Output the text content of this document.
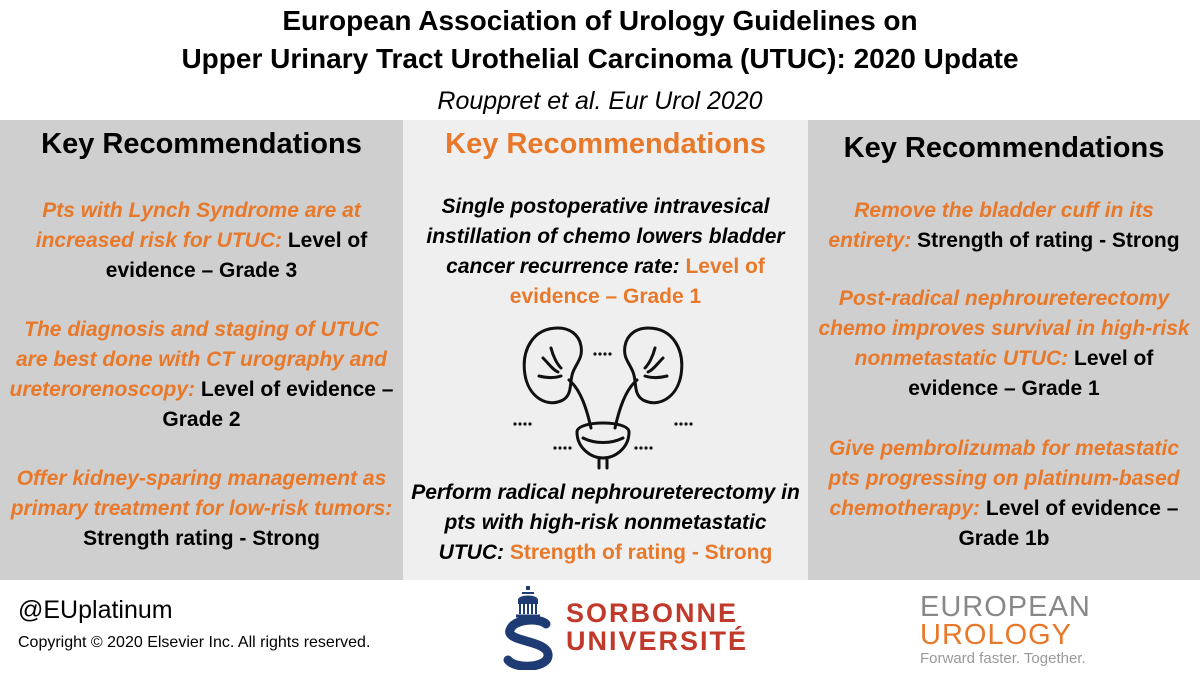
European Association of Urology Guidelines on
Upper Urinary Tract Urothelial Carcinoma (UTUC): 2020 Update
Rouppret et al. Eur Urol 2020
Key Recommendations
Pts with Lynch Syndrome are at increased risk for UTUC: Level of evidence – Grade 3
The diagnosis and staging of UTUC are best done with CT urography and ureterorenoscopy: Level of evidence – Grade 2
Offer kidney-sparing management as primary treatment for low-risk tumors: Strength rating - Strong
Key Recommendations
Single postoperative intravesical instillation of chemo lowers bladder cancer recurrence rate: Level of evidence – Grade 1
Perform radical nephroureterectomy in pts with high-risk nonmetastatic UTUC: Strength of rating - Strong
Key Recommendations
Remove the bladder cuff in its entirety: Strength of rating - Strong
Post-radical nephroureterectomy chemo improves survival in high-risk nonmetastatic UTUC: Level of evidence – Grade 1
Give pembrolizumab for metastatic pts progressing on platinum-based chemotherapy: Level of evidence – Grade 1b
@EUplatinum
Copyright © 2020 Elsevier Inc. All rights reserved.
SORBONNE
UNIVERSITÉ
EUROPEAN
UROLOGY
Forward faster. Together.
